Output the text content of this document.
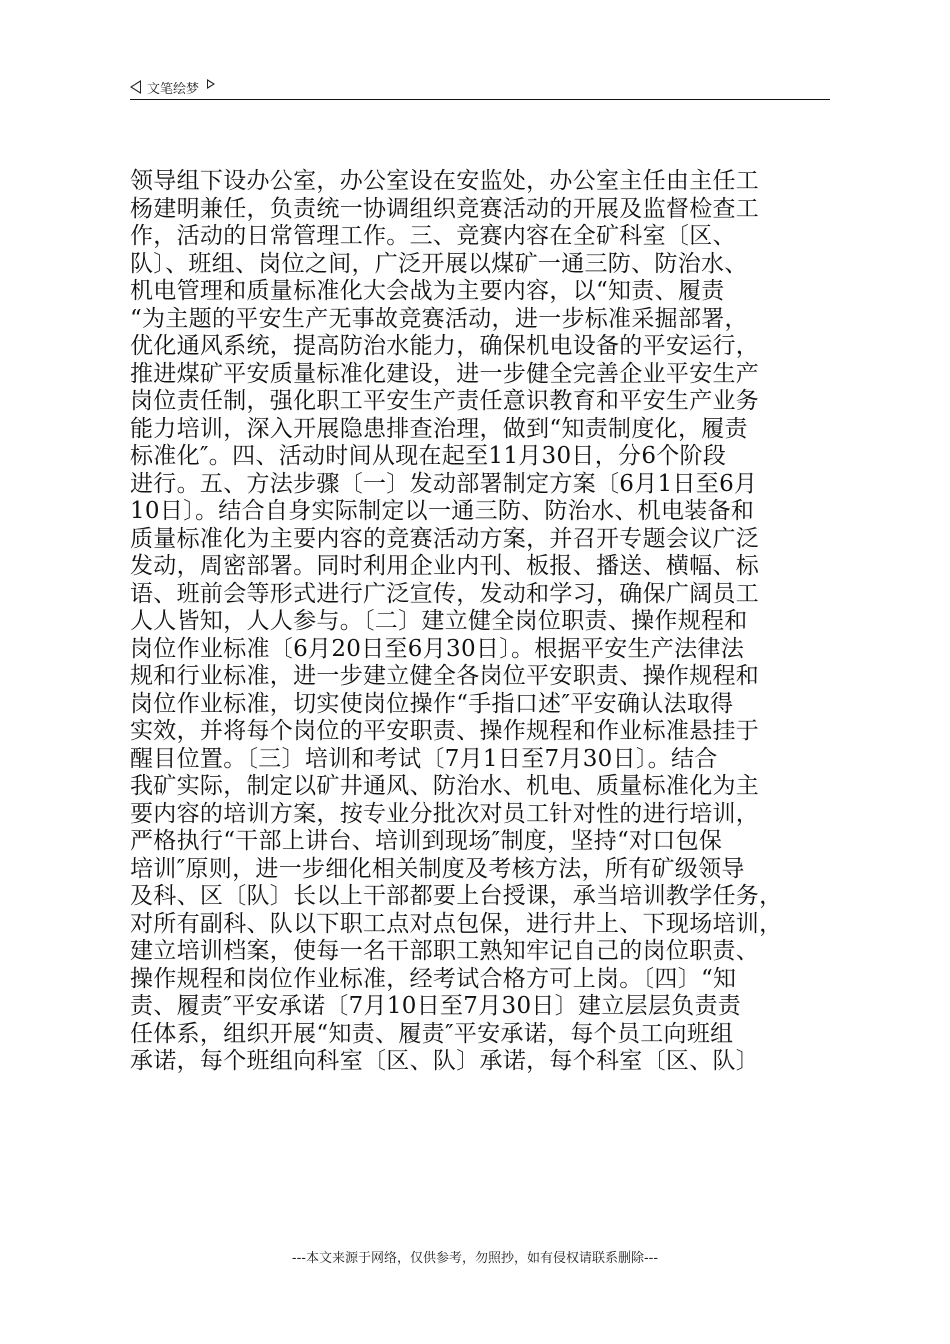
文笔绘梦
领导组下设办公室，办公室设在安监处，办公室主任由主任工
杨建明兼任，负责统一协调组织竞赛活动的开展及监督检查工
作，活动的日常管理工作。三、竞赛内容在全矿科室〔区、
队〕、班组、岗位之间，广泛开展以煤矿一通三防、防治水、
机电管理和质量标准化大会战为主要内容，以“知责、履责
“为主题的平安生产无事故竞赛活动，进一步标准采掘部署，
优化通风系统，提高防治水能力，确保机电设备的平安运行，
推进煤矿平安质量标准化建设，进一步健全完善企业平安生产
岗位责任制，强化职工平安生产责任意识教育和平安生产业务
能力培训，深入开展隐患排查治理，做到“知责制度化，履责
标准化″。四、活动时间从现在起至11月30日，分6个阶段
进行。五、方法步骤〔一〕发动部署制定方案〔6月1日至6月
10日〕。结合自身实际制定以一通三防、防治水、机电装备和
质量标准化为主要内容的竞赛活动方案，并召开专题会议广泛
发动，周密部署。同时利用企业内刊、板报、播送、横幅、标
语、班前会等形式进行广泛宣传，发动和学习，确保广阔员工
人人皆知，人人参与。〔二〕建立健全岗位职责、操作规程和
岗位作业标准〔6月20日至6月30日〕。根据平安生产法律法
规和行业标准，进一步建立健全各岗位平安职责、操作规程和
岗位作业标准，切实使岗位操作“手指口述″平安确认法取得
实效，并将每个岗位的平安职责、操作规程和作业标准悬挂于
醒目位置。〔三〕培训和考试〔7月1日至7月30日〕。结合
我矿实际，制定以矿井通风、防治水、机电、质量标准化为主
要内容的培训方案，按专业分批次对员工针对性的进行培训，
严格执行“干部上讲台、培训到现场″制度，坚持“对口包保
培训″原则，进一步细化相关制度及考核方法，所有矿级领导
及科、区〔队〕长以上干部都要上台授课，承当培训教学任务，
对所有副科、队以下职工点对点包保，进行井上、下现场培训，
建立培训档案，使每一名干部职工熟知牢记自己的岗位职责、
操作规程和岗位作业标准，经考试合格方可上岗。〔四〕“知
责、履责″平安承诺〔7月10日至7月30日〕建立层层负责责
任体系，组织开展“知责、履责″平安承诺，每个员工向班组
承诺，每个班组向科室〔区、队〕承诺，每个科室〔区、队〕
---本文来源于网络，仅供参考，勿照抄，如有侵权请联系删除---
